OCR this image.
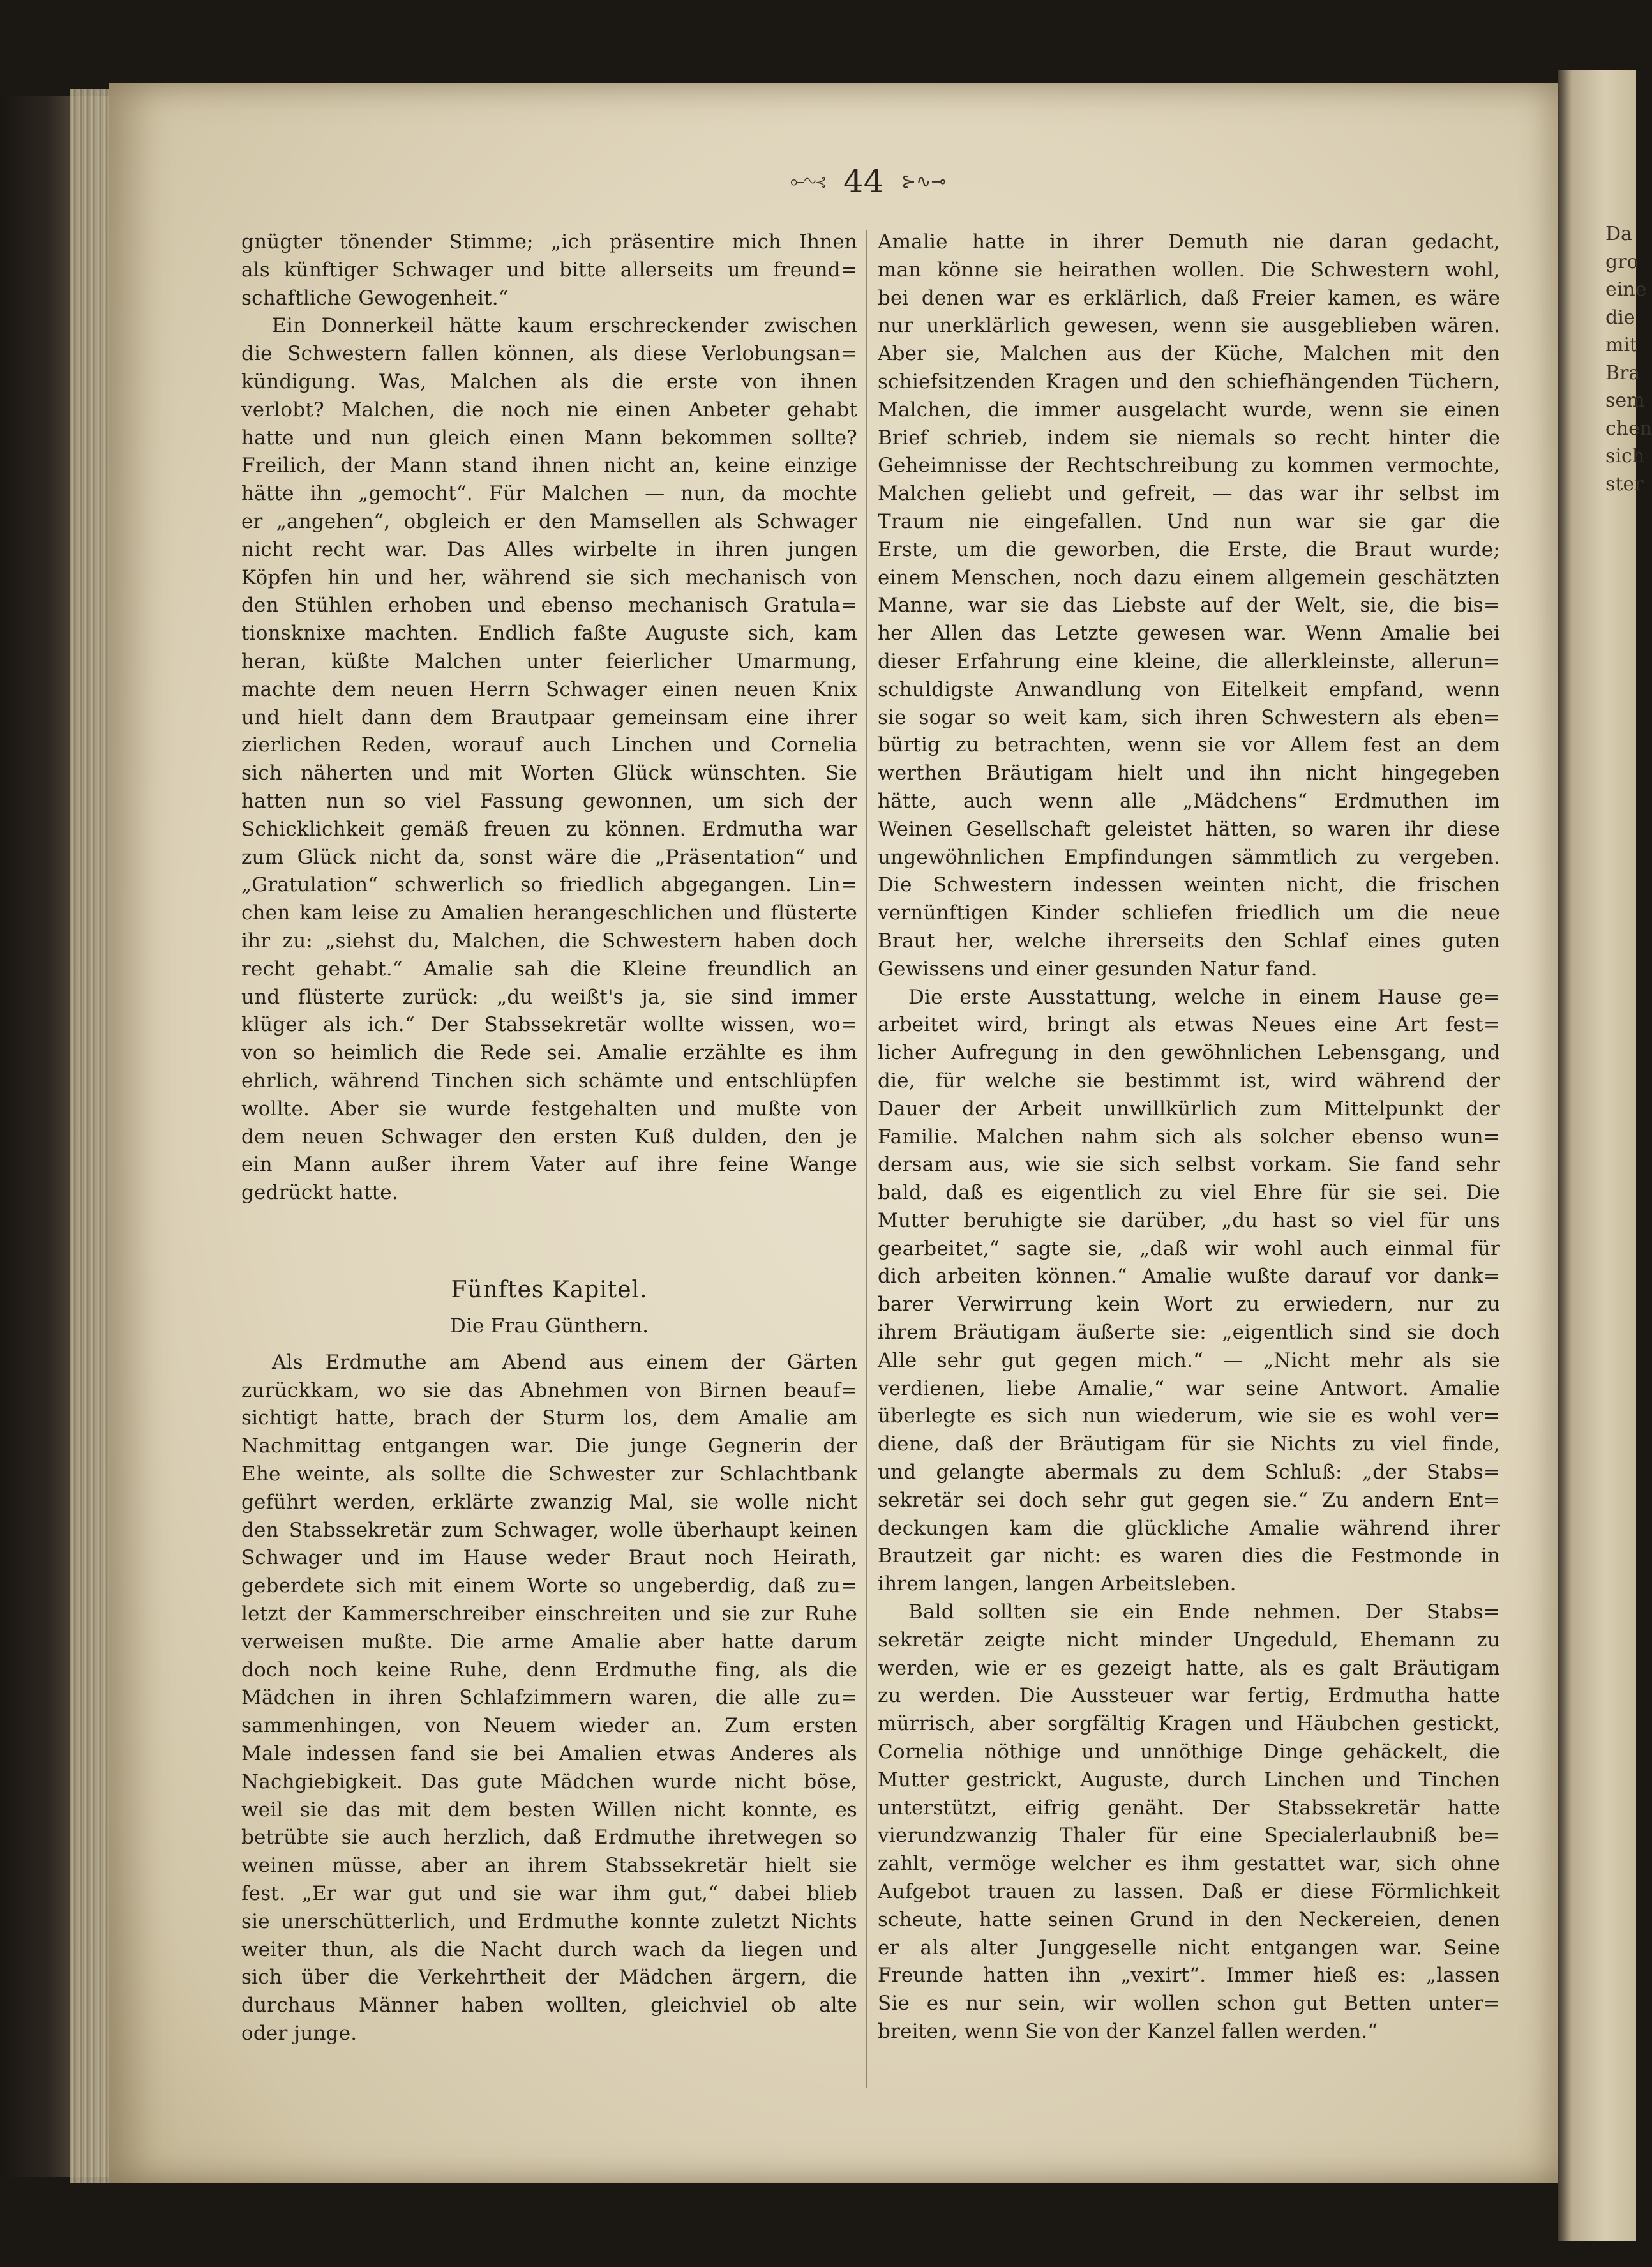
Da
gro
eine
die
mit
Bra
sem
chen
sich
ster
⟜∿⊰ 44 ⊱∿⊸
gnügter tönender Stimme; „ich präsentire mich Ihnen
als künftiger Schwager und bitte allerseits um freund=
schaftliche Gewogenheit.“
Ein Donnerkeil hätte kaum erschreckender zwischen
die Schwestern fallen können, als diese Verlobungsan=
kündigung. Was, Malchen als die erste von ihnen
verlobt? Malchen, die noch nie einen Anbeter gehabt
hatte und nun gleich einen Mann bekommen sollte?
Freilich, der Mann stand ihnen nicht an, keine einzige
hätte ihn „gemocht“. Für Malchen — nun, da mochte
er „angehen“, obgleich er den Mamsellen als Schwager
nicht recht war. Das Alles wirbelte in ihren jungen
Köpfen hin und her, während sie sich mechanisch von
den Stühlen erhoben und ebenso mechanisch Gratula=
tionsknixe machten. Endlich faßte Auguste sich, kam
heran, küßte Malchen unter feierlicher Umarmung,
machte dem neuen Herrn Schwager einen neuen Knix
und hielt dann dem Brautpaar gemeinsam eine ihrer
zierlichen Reden, worauf auch Linchen und Cornelia
sich näherten und mit Worten Glück wünschten. Sie
hatten nun so viel Fassung gewonnen, um sich der
Schicklichkeit gemäß freuen zu können. Erdmutha war
zum Glück nicht da, sonst wäre die „Präsentation“ und
„Gratulation“ schwerlich so friedlich abgegangen. Lin=
chen kam leise zu Amalien herangeschlichen und flüsterte
ihr zu: „siehst du, Malchen, die Schwestern haben doch
recht gehabt.“ Amalie sah die Kleine freundlich an
und flüsterte zurück: „du weißt's ja, sie sind immer
klüger als ich.“ Der Stabssekretär wollte wissen, wo=
von so heimlich die Rede sei. Amalie erzählte es ihm
ehrlich, während Tinchen sich schämte und entschlüpfen
wollte. Aber sie wurde festgehalten und mußte von
dem neuen Schwager den ersten Kuß dulden, den je
ein Mann außer ihrem Vater auf ihre feine Wange
gedrückt hatte.
Fünftes Kapitel.
Die Frau Günthern.
Als Erdmuthe am Abend aus einem der Gärten
zurückkam, wo sie das Abnehmen von Birnen beauf=
sichtigt hatte, brach der Sturm los, dem Amalie am
Nachmittag entgangen war. Die junge Gegnerin der
Ehe weinte, als sollte die Schwester zur Schlachtbank
geführt werden, erklärte zwanzig Mal, sie wolle nicht
den Stabssekretär zum Schwager, wolle überhaupt keinen
Schwager und im Hause weder Braut noch Heirath,
geberdete sich mit einem Worte so ungeberdig, daß zu=
letzt der Kammerschreiber einschreiten und sie zur Ruhe
verweisen mußte. Die arme Amalie aber hatte darum
doch noch keine Ruhe, denn Erdmuthe fing, als die
Mädchen in ihren Schlafzimmern waren, die alle zu=
sammenhingen, von Neuem wieder an. Zum ersten
Male indessen fand sie bei Amalien etwas Anderes als
Nachgiebigkeit. Das gute Mädchen wurde nicht böse,
weil sie das mit dem besten Willen nicht konnte, es
betrübte sie auch herzlich, daß Erdmuthe ihretwegen so
weinen müsse, aber an ihrem Stabssekretär hielt sie
fest. „Er war gut und sie war ihm gut,“ dabei blieb
sie unerschütterlich, und Erdmuthe konnte zuletzt Nichts
weiter thun, als die Nacht durch wach da liegen und
sich über die Verkehrtheit der Mädchen ärgern, die
durchaus Männer haben wollten, gleichviel ob alte
oder junge.
Amalie hatte in ihrer Demuth nie daran gedacht,
man könne sie heirathen wollen. Die Schwestern wohl,
bei denen war es erklärlich, daß Freier kamen, es wäre
nur unerklärlich gewesen, wenn sie ausgeblieben wären.
Aber sie, Malchen aus der Küche, Malchen mit den
schiefsitzenden Kragen und den schiefhängenden Tüchern,
Malchen, die immer ausgelacht wurde, wenn sie einen
Brief schrieb, indem sie niemals so recht hinter die
Geheimnisse der Rechtschreibung zu kommen vermochte,
Malchen geliebt und gefreit, — das war ihr selbst im
Traum nie eingefallen. Und nun war sie gar die
Erste, um die geworben, die Erste, die Braut wurde;
einem Menschen, noch dazu einem allgemein geschätzten
Manne, war sie das Liebste auf der Welt, sie, die bis=
her Allen das Letzte gewesen war. Wenn Amalie bei
dieser Erfahrung eine kleine, die allerkleinste, allerun=
schuldigste Anwandlung von Eitelkeit empfand, wenn
sie sogar so weit kam, sich ihren Schwestern als eben=
bürtig zu betrachten, wenn sie vor Allem fest an dem
werthen Bräutigam hielt und ihn nicht hingegeben
hätte, auch wenn alle „Mädchens“ Erdmuthen im
Weinen Gesellschaft geleistet hätten, so waren ihr diese
ungewöhnlichen Empfindungen sämmtlich zu vergeben.
Die Schwestern indessen weinten nicht, die frischen
vernünftigen Kinder schliefen friedlich um die neue
Braut her, welche ihrerseits den Schlaf eines guten
Gewissens und einer gesunden Natur fand.
Die erste Ausstattung, welche in einem Hause ge=
arbeitet wird, bringt als etwas Neues eine Art fest=
licher Aufregung in den gewöhnlichen Lebensgang, und
die, für welche sie bestimmt ist, wird während der
Dauer der Arbeit unwillkürlich zum Mittelpunkt der
Familie. Malchen nahm sich als solcher ebenso wun=
dersam aus, wie sie sich selbst vorkam. Sie fand sehr
bald, daß es eigentlich zu viel Ehre für sie sei. Die
Mutter beruhigte sie darüber, „du hast so viel für uns
gearbeitet,“ sagte sie, „daß wir wohl auch einmal für
dich arbeiten können.“ Amalie wußte darauf vor dank=
barer Verwirrung kein Wort zu erwiedern, nur zu
ihrem Bräutigam äußerte sie: „eigentlich sind sie doch
Alle sehr gut gegen mich.“ — „Nicht mehr als sie
verdienen, liebe Amalie,“ war seine Antwort. Amalie
überlegte es sich nun wiederum, wie sie es wohl ver=
diene, daß der Bräutigam für sie Nichts zu viel finde,
und gelangte abermals zu dem Schluß: „der Stabs=
sekretär sei doch sehr gut gegen sie.“ Zu andern Ent=
deckungen kam die glückliche Amalie während ihrer
Brautzeit gar nicht: es waren dies die Festmonde in
ihrem langen, langen Arbeitsleben.
Bald sollten sie ein Ende nehmen. Der Stabs=
sekretär zeigte nicht minder Ungeduld, Ehemann zu
werden, wie er es gezeigt hatte, als es galt Bräutigam
zu werden. Die Aussteuer war fertig, Erdmutha hatte
mürrisch, aber sorgfältig Kragen und Häubchen gestickt,
Cornelia nöthige und unnöthige Dinge gehäckelt, die
Mutter gestrickt, Auguste, durch Linchen und Tinchen
unterstützt, eifrig genäht. Der Stabssekretär hatte
vierundzwanzig Thaler für eine Specialerlaubniß be=
zahlt, vermöge welcher es ihm gestattet war, sich ohne
Aufgebot trauen zu lassen. Daß er diese Förmlichkeit
scheute, hatte seinen Grund in den Neckereien, denen
er als alter Junggeselle nicht entgangen war. Seine
Freunde hatten ihn „vexirt“. Immer hieß es: „lassen
Sie es nur sein, wir wollen schon gut Betten unter=
breiten, wenn Sie von der Kanzel fallen werden.“
